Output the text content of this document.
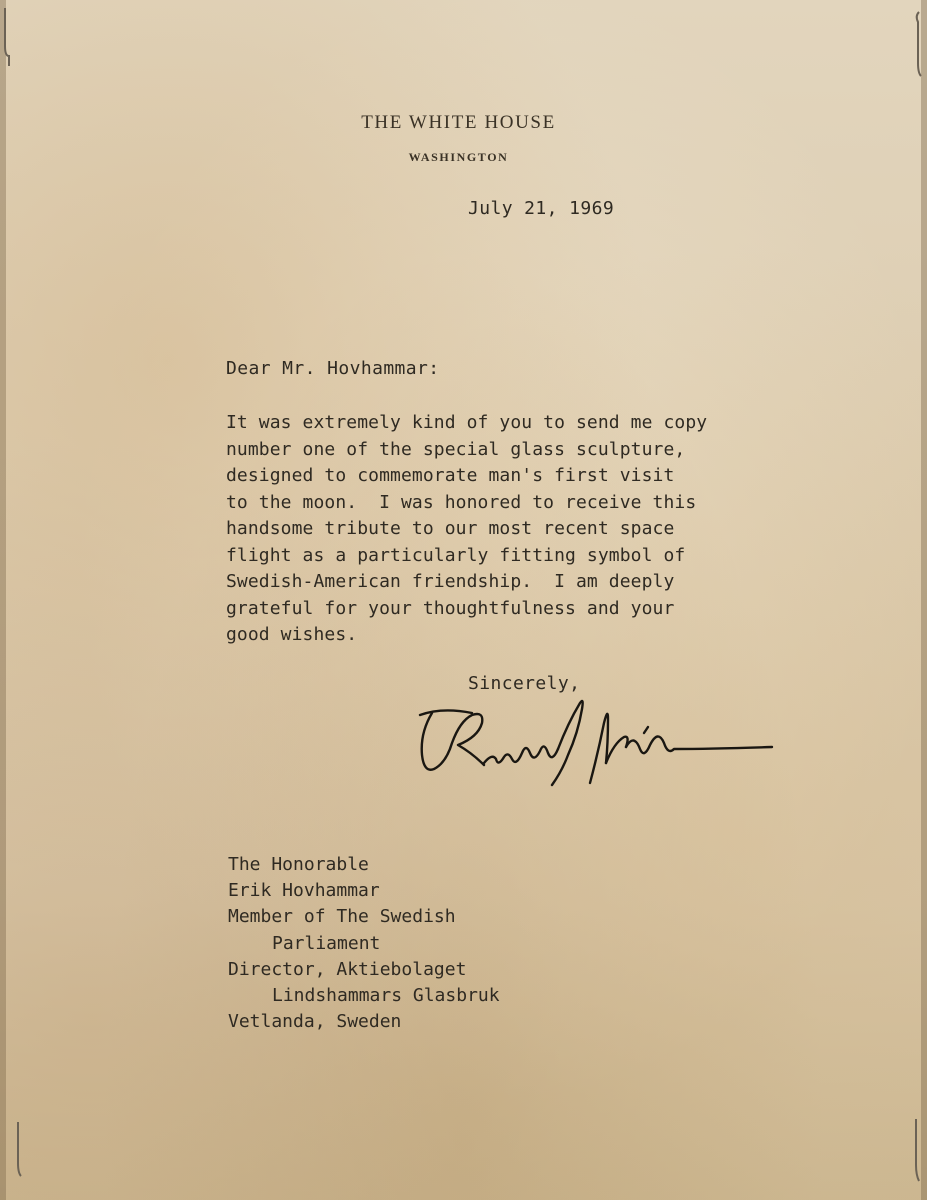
THE WHITE HOUSE
WASHINGTON
July 21, 1969
Dear Mr. Hovhammar:
It was extremely kind of you to send me copy
number one of the special glass sculpture,
designed to commemorate man's first visit
to the moon.  I was honored to receive this
handsome tribute to our most recent space
flight as a particularly fitting symbol of
Swedish-American friendship.  I am deeply
grateful for your thoughtfulness and your
good wishes.
Sincerely,
Richard Nixon
The Honorable
Erik Hovhammar
Member of The Swedish
Parliament
Director, Aktiebolaget
Lindshammars Glasbruk
Vetlanda, Sweden
